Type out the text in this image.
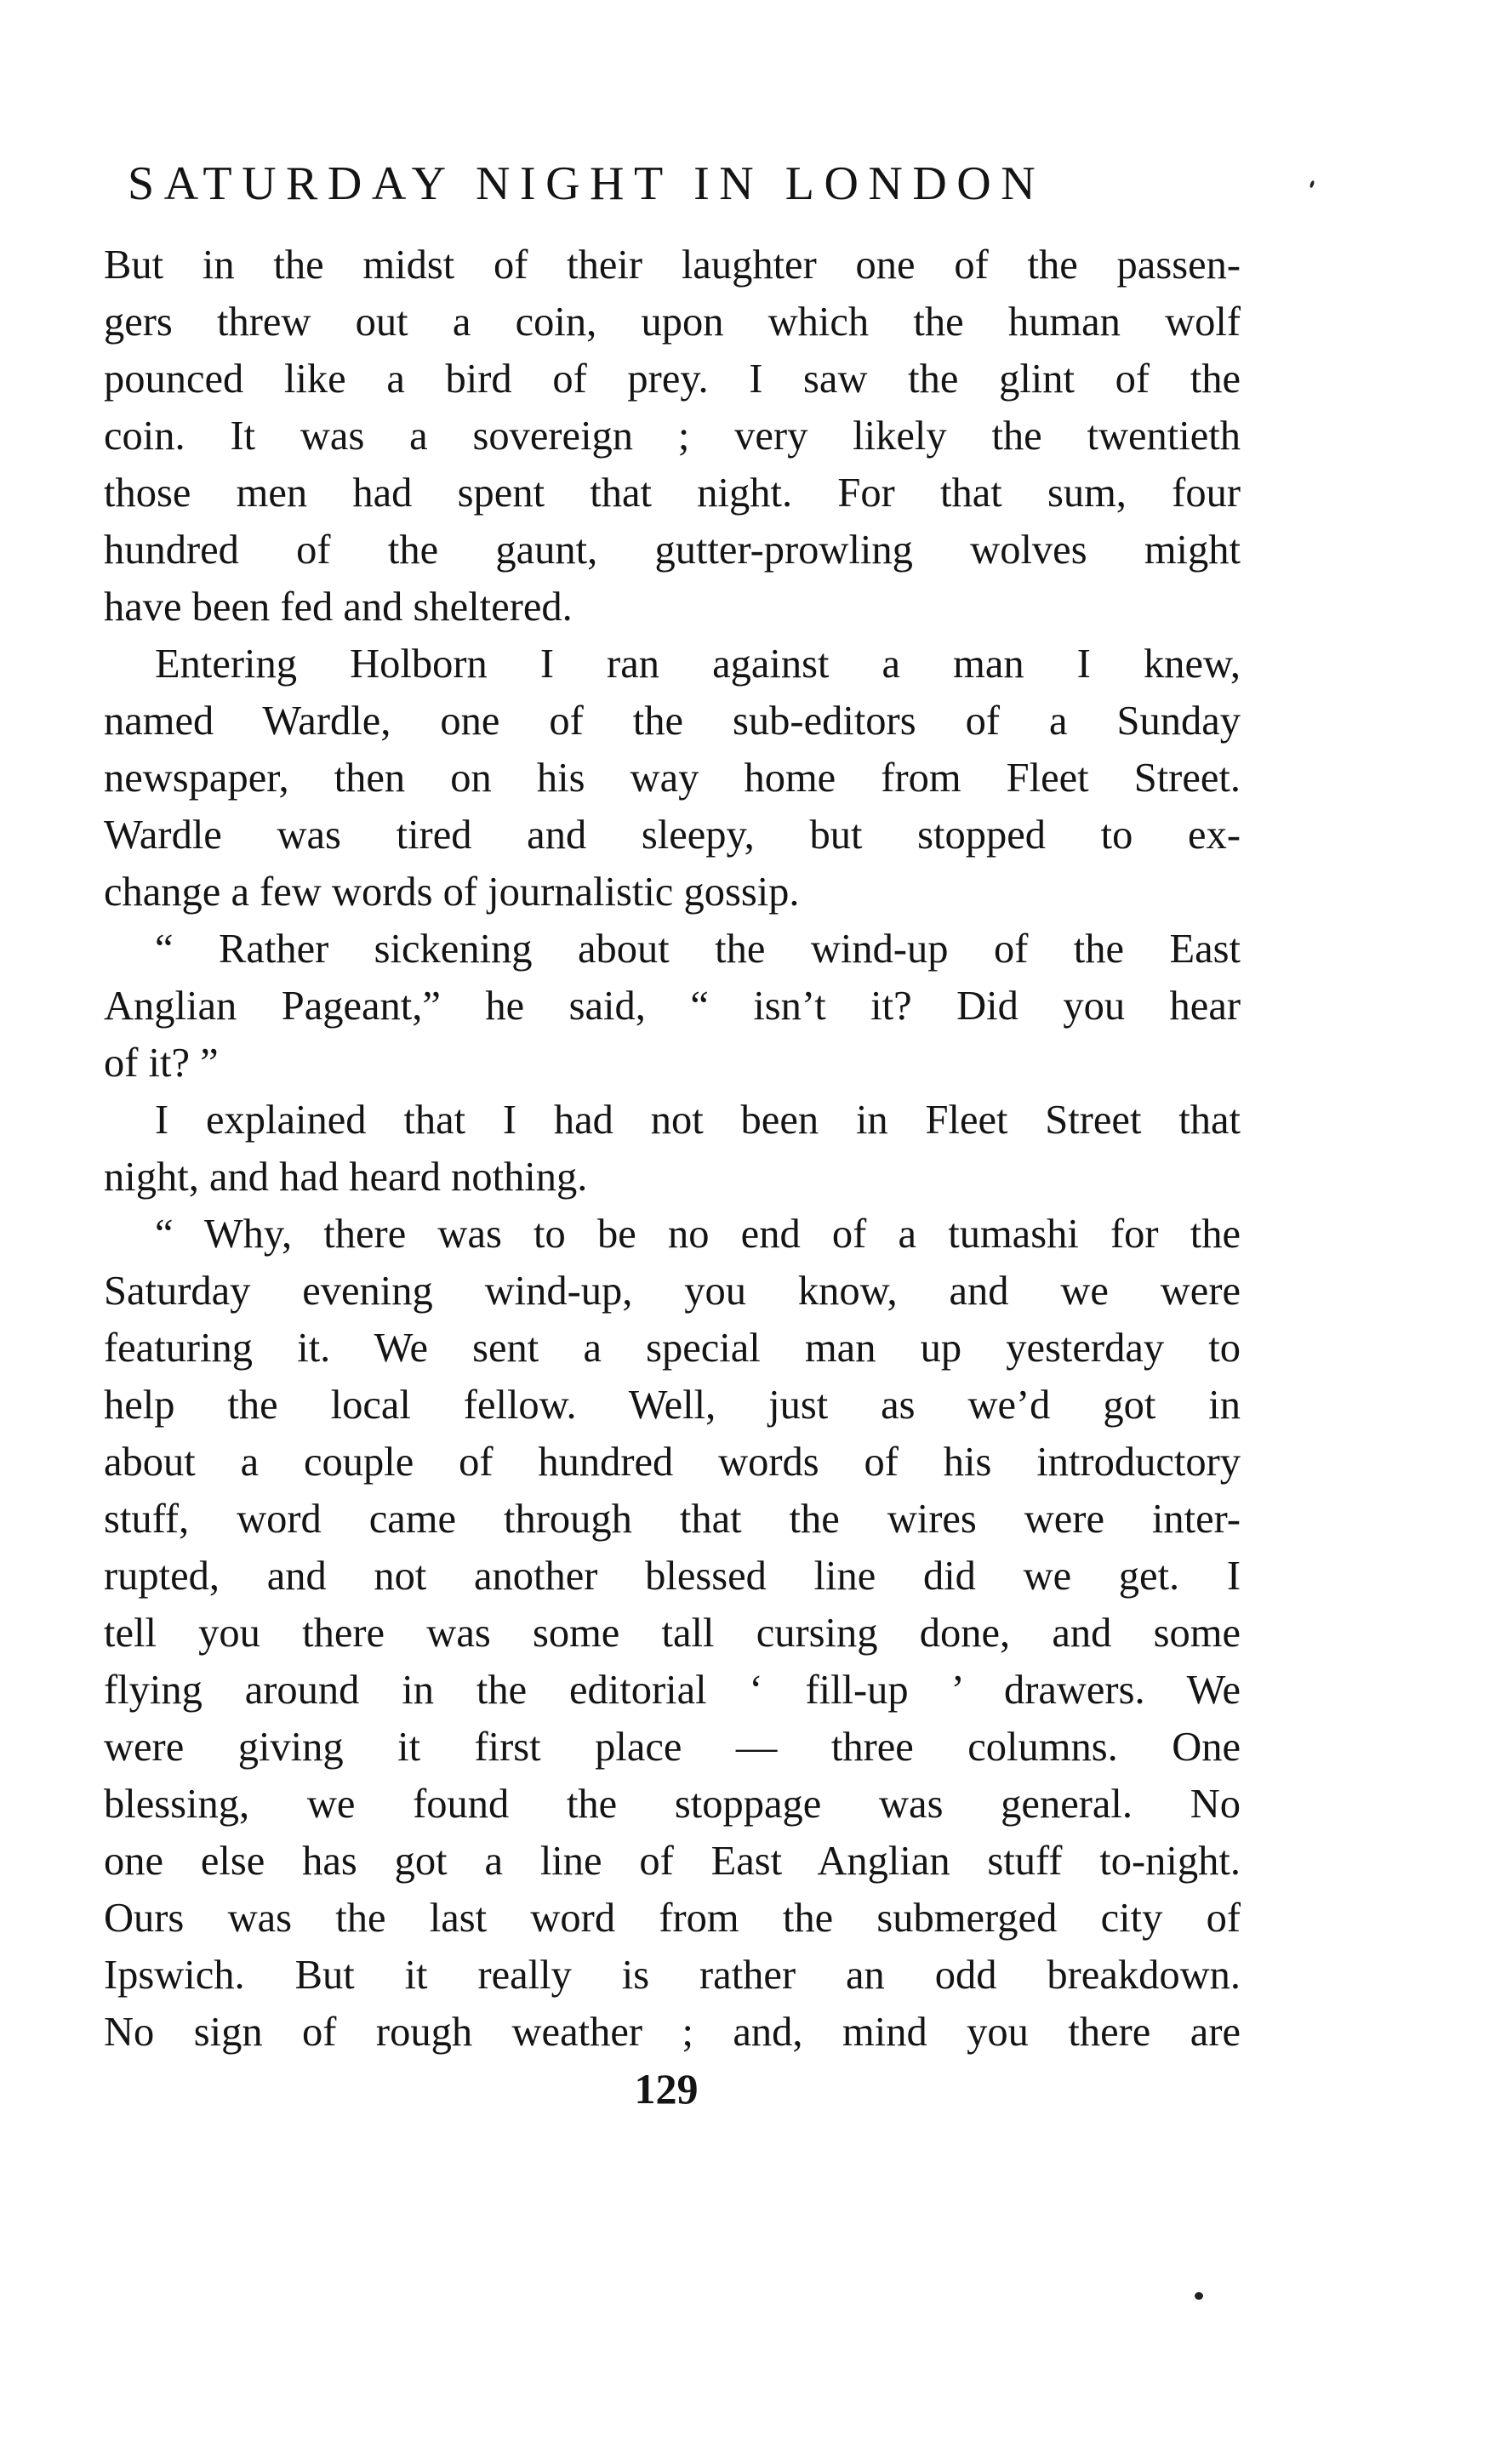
SATURDAY NIGHT IN LONDON
But in the midst of their laughter one of the passen-
gers threw out a coin, upon which the human wolf
pounced like a bird of prey. I saw the glint of the
coin. It was a sovereign ; very likely the twentieth
those men had spent that night. For that sum, four
hundred of the gaunt, gutter-prowling wolves might
have been fed and sheltered.
Entering Holborn I ran against a man I knew,
named Wardle, one of the sub-editors of a Sunday
newspaper, then on his way home from Fleet Street.
Wardle was tired and sleepy, but stopped to ex-
change a few words of journalistic gossip.
“ Rather sickening about the wind-up of the East
Anglian Pageant,” he said, “ isn’t it? Did you hear
of it? ”
I explained that I had not been in Fleet Street that
night, and had heard nothing.
“ Why, there was to be no end of a tumashi for the
Saturday evening wind-up, you know, and we were
featuring it. We sent a special man up yesterday to
help the local fellow. Well, just as we’d got in
about a couple of hundred words of his introductory
stuff, word came through that the wires were inter-
rupted, and not another blessed line did we get. I
tell you there was some tall cursing done, and some
flying around in the editorial ‘ fill-up ’ drawers. We
were giving it first place — three columns. One
blessing, we found the stoppage was general. No
one else has got a line of East Anglian stuff to-night.
Ours was the last word from the submerged city of
Ipswich. But it really is rather an odd breakdown.
No sign of rough weather ; and, mind you there are
129
